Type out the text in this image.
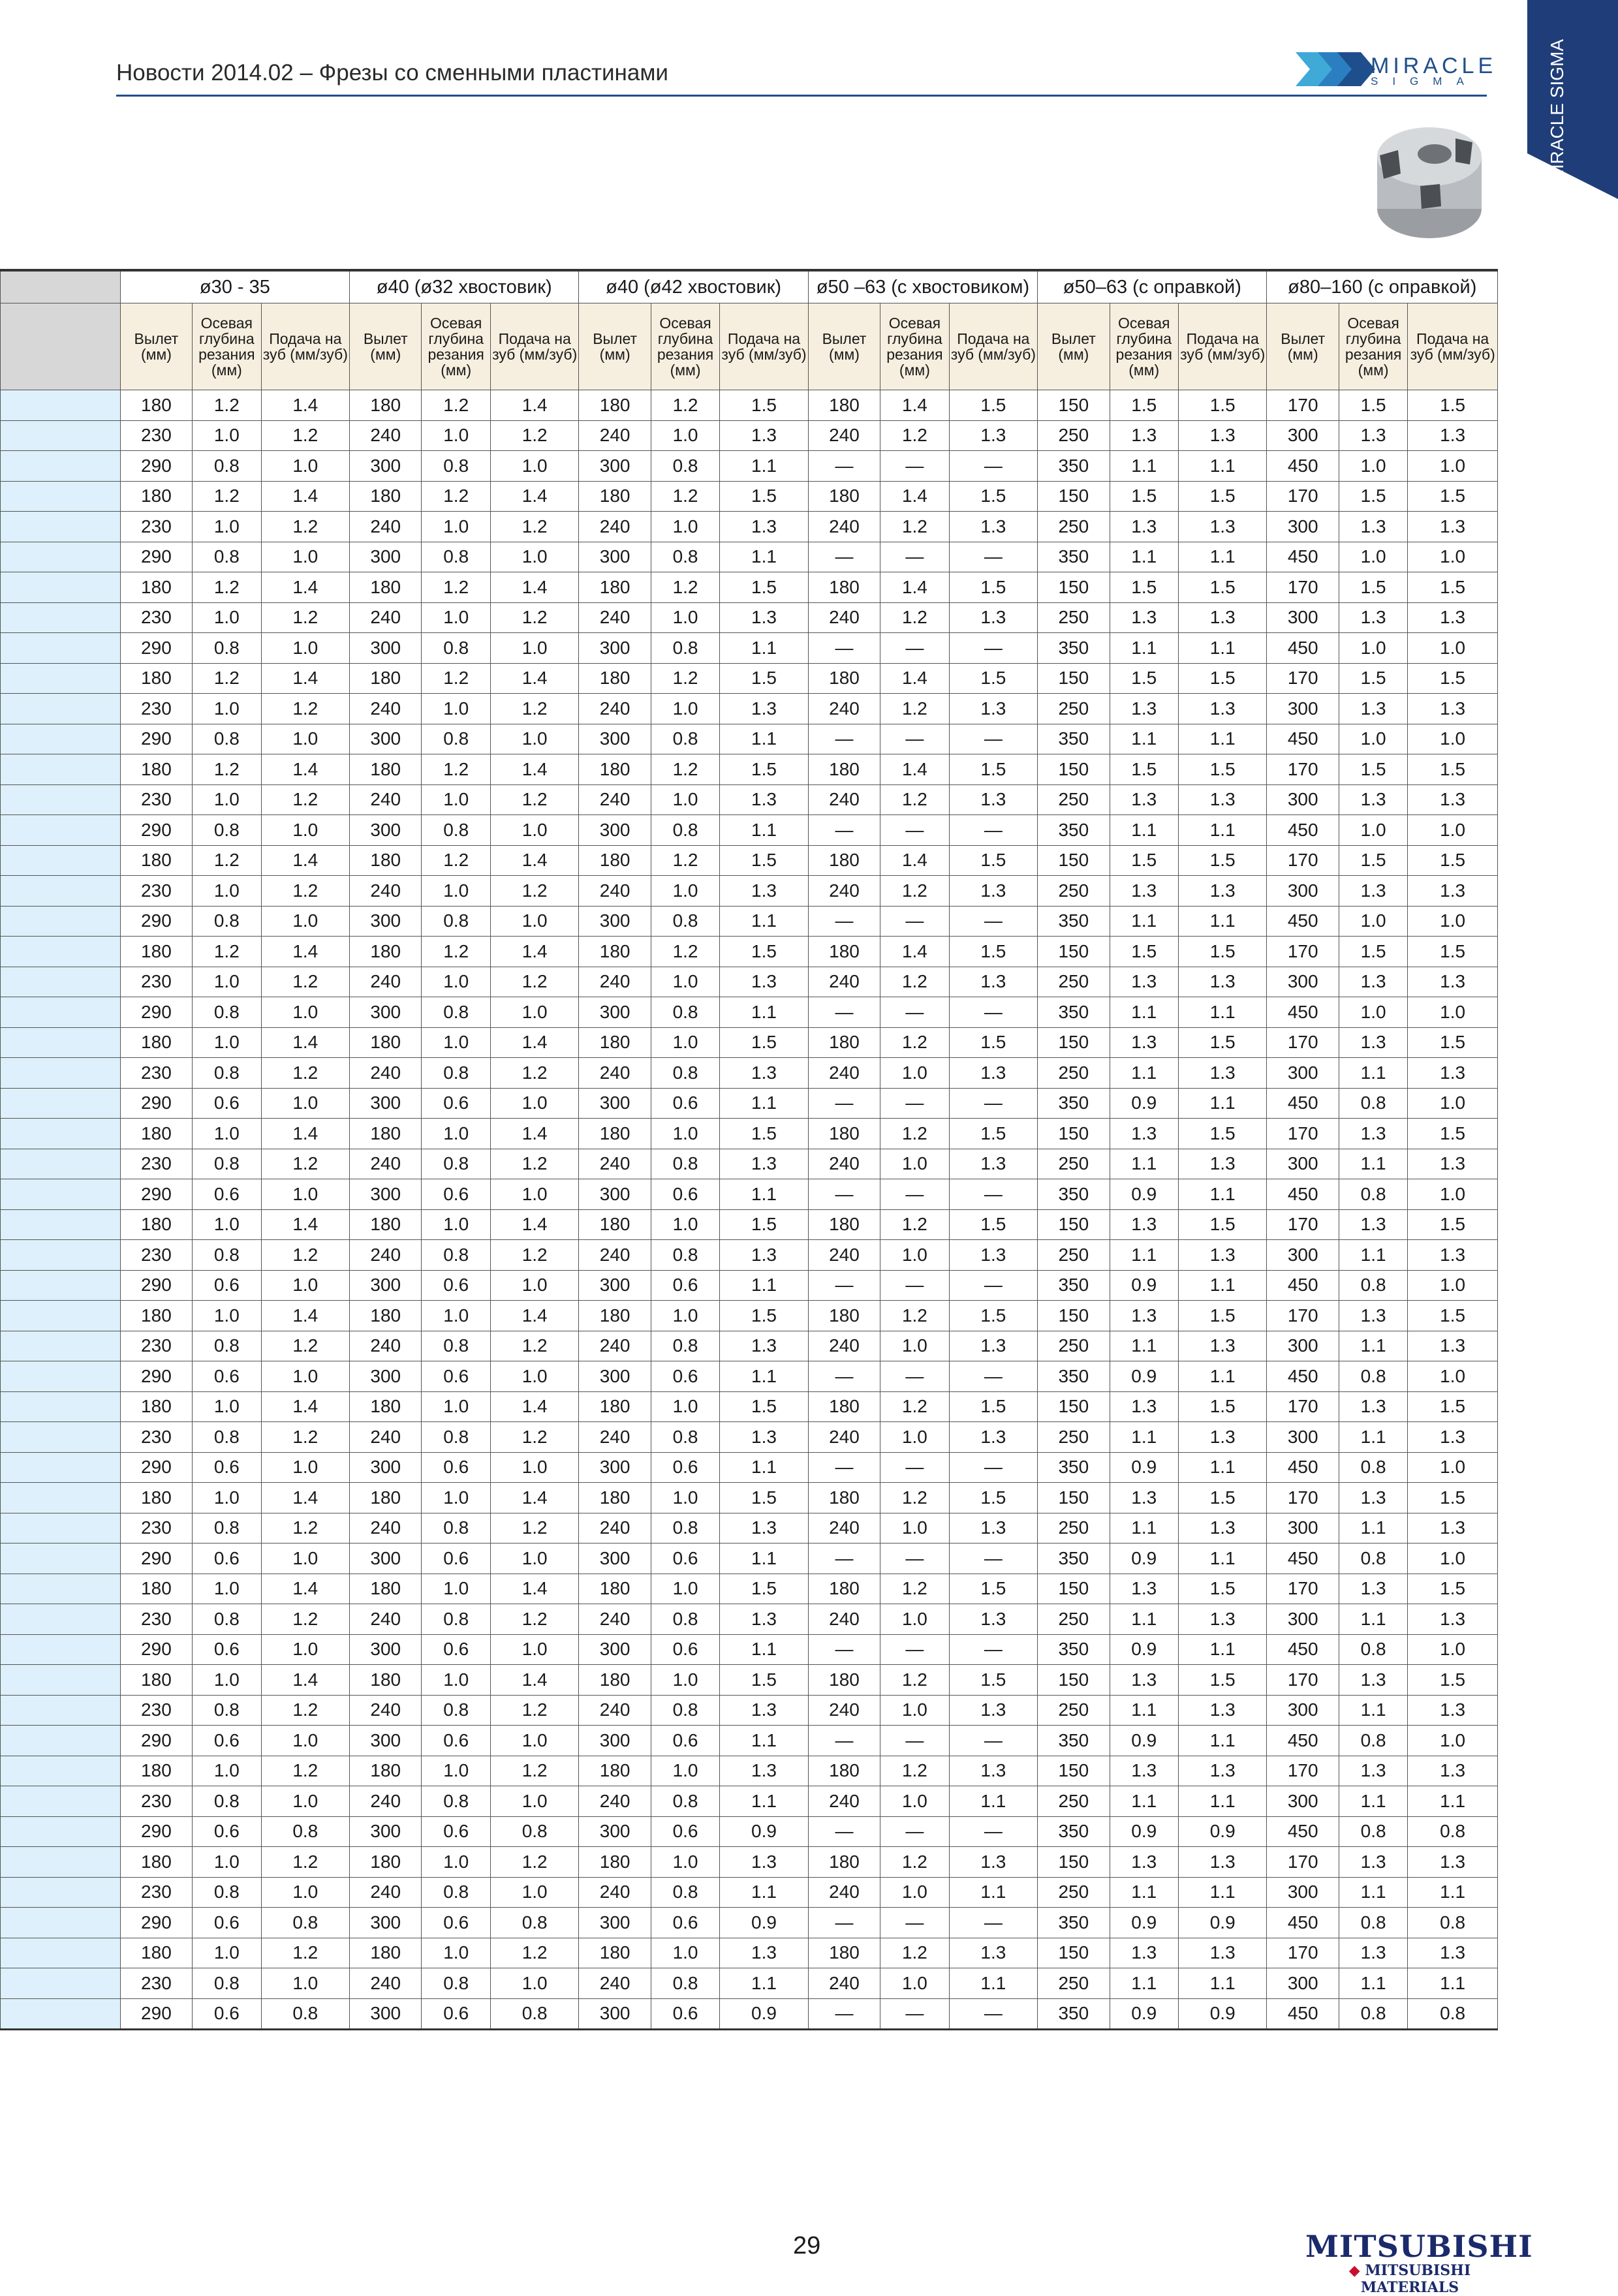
Новости 2014.02 – Фрезы со сменными пластинами	MIRACLE
SIGMA	MIRACLE SIGMA
	ø30 - 35			ø40 (ø32 хвостовик)			ø40 (ø42 хвостовик)			ø50 –63 (с хвостовиком)			ø50–63 (с оправкой)			ø80–160 (с оправкой)		
	Вылет (мм)	Осевая глубина резания (мм)	Подача на зуб (мм/зуб)	Вылет (мм)	Осевая глубина резания (мм)	Подача на зуб (мм/зуб)	Вылет (мм)	Осевая глубина резания (мм)	Подача на зуб (мм/зуб)	Вылет (мм)	Осевая глубина резания (мм)	Подача на зуб (мм/зуб)	Вылет (мм)	Осевая глубина резания (мм)	Подача на зуб (мм/зуб)	Вылет (мм)	Осевая глубина резания (мм)	Подача на зуб (мм/зуб)
	180	1.2	1.4	180	1.2	1.4	180	1.2	1.5	180	1.4	1.5	150	1.5	1.5	170	1.5	1.5
	230	1.0	1.2	240	1.0	1.2	240	1.0	1.3	240	1.2	1.3	250	1.3	1.3	300	1.3	1.3
	290	0.8	1.0	300	0.8	1.0	300	0.8	1.1	—	—	—	350	1.1	1.1	450	1.0	1.0
	180	1.2	1.4	180	1.2	1.4	180	1.2	1.5	180	1.4	1.5	150	1.5	1.5	170	1.5	1.5
	230	1.0	1.2	240	1.0	1.2	240	1.0	1.3	240	1.2	1.3	250	1.3	1.3	300	1.3	1.3
	290	0.8	1.0	300	0.8	1.0	300	0.8	1.1	—	—	—	350	1.1	1.1	450	1.0	1.0
	180	1.2	1.4	180	1.2	1.4	180	1.2	1.5	180	1.4	1.5	150	1.5	1.5	170	1.5	1.5
	230	1.0	1.2	240	1.0	1.2	240	1.0	1.3	240	1.2	1.3	250	1.3	1.3	300	1.3	1.3
	290	0.8	1.0	300	0.8	1.0	300	0.8	1.1	—	—	—	350	1.1	1.1	450	1.0	1.0
	180	1.2	1.4	180	1.2	1.4	180	1.2	1.5	180	1.4	1.5	150	1.5	1.5	170	1.5	1.5
	230	1.0	1.2	240	1.0	1.2	240	1.0	1.3	240	1.2	1.3	250	1.3	1.3	300	1.3	1.3
	290	0.8	1.0	300	0.8	1.0	300	0.8	1.1	—	—	—	350	1.1	1.1	450	1.0	1.0
	180	1.2	1.4	180	1.2	1.4	180	1.2	1.5	180	1.4	1.5	150	1.5	1.5	170	1.5	1.5
	230	1.0	1.2	240	1.0	1.2	240	1.0	1.3	240	1.2	1.3	250	1.3	1.3	300	1.3	1.3
	290	0.8	1.0	300	0.8	1.0	300	0.8	1.1	—	—	—	350	1.1	1.1	450	1.0	1.0
	180	1.2	1.4	180	1.2	1.4	180	1.2	1.5	180	1.4	1.5	150	1.5	1.5	170	1.5	1.5
	230	1.0	1.2	240	1.0	1.2	240	1.0	1.3	240	1.2	1.3	250	1.3	1.3	300	1.3	1.3
	290	0.8	1.0	300	0.8	1.0	300	0.8	1.1	—	—	—	350	1.1	1.1	450	1.0	1.0
	180	1.2	1.4	180	1.2	1.4	180	1.2	1.5	180	1.4	1.5	150	1.5	1.5	170	1.5	1.5
	230	1.0	1.2	240	1.0	1.2	240	1.0	1.3	240	1.2	1.3	250	1.3	1.3	300	1.3	1.3
	290	0.8	1.0	300	0.8	1.0	300	0.8	1.1	—	—	—	350	1.1	1.1	450	1.0	1.0
	180	1.0	1.4	180	1.0	1.4	180	1.0	1.5	180	1.2	1.5	150	1.3	1.5	170	1.3	1.5
	230	0.8	1.2	240	0.8	1.2	240	0.8	1.3	240	1.0	1.3	250	1.1	1.3	300	1.1	1.3
	290	0.6	1.0	300	0.6	1.0	300	0.6	1.1	—	—	—	350	0.9	1.1	450	0.8	1.0
	180	1.0	1.4	180	1.0	1.4	180	1.0	1.5	180	1.2	1.5	150	1.3	1.5	170	1.3	1.5
	230	0.8	1.2	240	0.8	1.2	240	0.8	1.3	240	1.0	1.3	250	1.1	1.3	300	1.1	1.3
	290	0.6	1.0	300	0.6	1.0	300	0.6	1.1	—	—	—	350	0.9	1.1	450	0.8	1.0
	180	1.0	1.4	180	1.0	1.4	180	1.0	1.5	180	1.2	1.5	150	1.3	1.5	170	1.3	1.5
	230	0.8	1.2	240	0.8	1.2	240	0.8	1.3	240	1.0	1.3	250	1.1	1.3	300	1.1	1.3
	290	0.6	1.0	300	0.6	1.0	300	0.6	1.1	—	—	—	350	0.9	1.1	450	0.8	1.0
	180	1.0	1.4	180	1.0	1.4	180	1.0	1.5	180	1.2	1.5	150	1.3	1.5	170	1.3	1.5
	230	0.8	1.2	240	0.8	1.2	240	0.8	1.3	240	1.0	1.3	250	1.1	1.3	300	1.1	1.3
	290	0.6	1.0	300	0.6	1.0	300	0.6	1.1	—	—	—	350	0.9	1.1	450	0.8	1.0
	180	1.0	1.4	180	1.0	1.4	180	1.0	1.5	180	1.2	1.5	150	1.3	1.5	170	1.3	1.5
	230	0.8	1.2	240	0.8	1.2	240	0.8	1.3	240	1.0	1.3	250	1.1	1.3	300	1.1	1.3
	290	0.6	1.0	300	0.6	1.0	300	0.6	1.1	—	—	—	350	0.9	1.1	450	0.8	1.0
	180	1.0	1.4	180	1.0	1.4	180	1.0	1.5	180	1.2	1.5	150	1.3	1.5	170	1.3	1.5
	230	0.8	1.2	240	0.8	1.2	240	0.8	1.3	240	1.0	1.3	250	1.1	1.3	300	1.1	1.3
	290	0.6	1.0	300	0.6	1.0	300	0.6	1.1	—	—	—	350	0.9	1.1	450	0.8	1.0
	180	1.0	1.4	180	1.0	1.4	180	1.0	1.5	180	1.2	1.5	150	1.3	1.5	170	1.3	1.5
	230	0.8	1.2	240	0.8	1.2	240	0.8	1.3	240	1.0	1.3	250	1.1	1.3	300	1.1	1.3
	290	0.6	1.0	300	0.6	1.0	300	0.6	1.1	—	—	—	350	0.9	1.1	450	0.8	1.0
	180	1.0	1.4	180	1.0	1.4	180	1.0	1.5	180	1.2	1.5	150	1.3	1.5	170	1.3	1.5
	230	0.8	1.2	240	0.8	1.2	240	0.8	1.3	240	1.0	1.3	250	1.1	1.3	300	1.1	1.3
	290	0.6	1.0	300	0.6	1.0	300	0.6	1.1	—	—	—	350	0.9	1.1	450	0.8	1.0
	180	1.0	1.2	180	1.0	1.2	180	1.0	1.3	180	1.2	1.3	150	1.3	1.3	170	1.3	1.3
	230	0.8	1.0	240	0.8	1.0	240	0.8	1.1	240	1.0	1.1	250	1.1	1.1	300	1.1	1.1
	290	0.6	0.8	300	0.6	0.8	300	0.6	0.9	—	—	—	350	0.9	0.9	450	0.8	0.8
	180	1.0	1.2	180	1.0	1.2	180	1.0	1.3	180	1.2	1.3	150	1.3	1.3	170	1.3	1.3
	230	0.8	1.0	240	0.8	1.0	240	0.8	1.1	240	1.0	1.1	250	1.1	1.1	300	1.1	1.1
	290	0.6	0.8	300	0.6	0.8	300	0.6	0.9	—	—	—	350	0.9	0.9	450	0.8	0.8
	180	1.0	1.2	180	1.0	1.2	180	1.0	1.3	180	1.2	1.3	150	1.3	1.3	170	1.3	1.3
	230	0.8	1.0	240	0.8	1.0	240	0.8	1.1	240	1.0	1.1	250	1.1	1.1	300	1.1	1.1
	290	0.6	0.8	300	0.6	0.8	300	0.6	0.9	—	—	—	350	0.9	0.9	450	0.8	0.8
29	MITSUBISHI
◆ MITSUBISHI MATERIALS
